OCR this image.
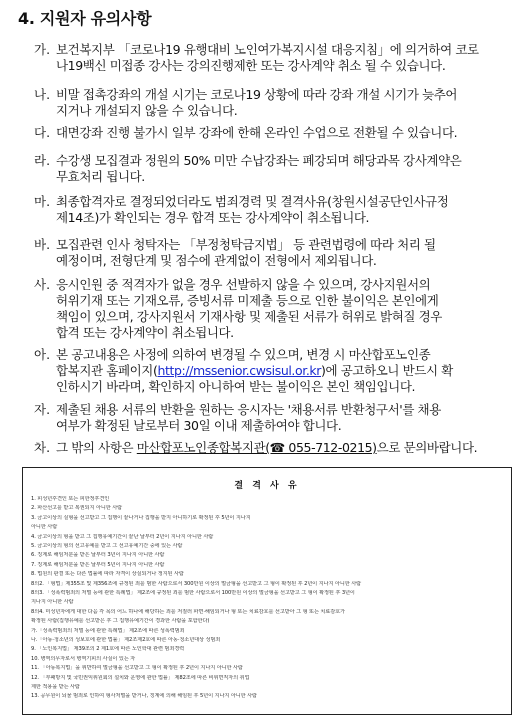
4. 지원자 유의사항
가. 보건복지부 「코로나19 유행대비 노인여가복지시설 대응지침」에 의거하여 코로
나19백신 미접종 강사는 강의진행제한 또는 강사계약 취소 될 수 있습니다.
나. 비말 접촉강좌의 개설 시기는 코로나19 상황에 따라 강좌 개설 시기가 늦추어
지거나 개설되지 않을 수 있습니다.
다. 대면강좌 진행 불가시 일부 강좌에 한해 온라인 수업으로 전환될 수 있습니다.
라. 수강생 모집결과 정원의 50% 미만 수납강좌는 폐강되며 해당과목 강사계약은
무효처리 됩니다.
마. 최종합격자로 결정되었더라도 범죄경력 및 결격사유(창원시설공단인사규정
제14조)가 확인되는 경우 합격 또는 강사계약이 취소됩니다.
바. 모집관련 인사 청탁자는 「부정청탁금지법」 등 관련법령에 따라 처리 될
예정이며, 전형단계 및 점수에 관계없이 전형에서 제외됩니다.
사. 응시인원 중 적격자가 없을 경우 선발하지 않을 수 있으며, 강사지원서의
허위기재 또는 기재오류, 증빙서류 미제출 등으로 인한 불이익은 본인에게
책임이 있으며, 강사지원서 기재사항 및 제출된 서류가 허위로 밝혀질 경우
합격 또는 강사계약이 취소됩니다.
아. 본 공고내용은 사정에 의하여 변경될 수 있으며, 변경 시 마산합포노인종
합복지관 홈페이지(http://mssenior.cwsisul.or.kr)에 공고하오니 반드시 확
인하시기 바라며, 확인하지 아니하여 받는 불이익은 본인 책임입니다.
자. 제출된 채용 서류의 반환을 원하는 응시자는 '채용서류 반환청구서'를 채용
여부가 확정된 날로부터 30일 이내 제출하여야 합니다.
차. 그 밖의 사항은 마산합포노인종합복지관(☎ 055-712-0215)으로 문의바랍니다.
결 격 사 유
1. 피성년후견인 또는 피한정후견인
2. 파산선고를 받고 복권되지 아니한 사람
3. 금고이상의 실형을 선고받고 그 집행이 끝나거나 집행을 받지 아니하기로 확정된 후 5년이 지나지
아니한 사람
4. 금고이상의 형을 받고 그 집행유예기간이 끝난 날부터 2년이 지나지 아니한 사람
5. 금고이상의 형의 선고유예를 받고 그 선고유예기간 중에 있는 사람
6. 징계로 해임처분을 받은 날부터 3년이 지나지 아니한 사람
7. 징계로 해임처분을 받은 날부터 5년이 지나지 아니한 사람
8. 법원의 판결 또는 다른 법률에 따라 자격이 상실되거나 정지된 사람
8의2. 「형법」제355조 및 제356조에 규정된 죄를 범한 사람으로서 300만원 이상의 벌금형을 선고받고 그 형이 확정된 후 2년이 지나지 아니한 사람
8의3. 「성폭력범죄의 처벌 등에 관한 특례법」 제2조에 규정된 죄를 범한 사람으로서 100만원 이상의 벌금형을 선고받고 그 형이 확정된 후 3년이
지나지 아니한 사람
8의4. 미성년자에게 대한 다음 각 목의 어느 하나에 해당하는 죄를 저질러 파면·해임되거나 형 또는 치료감호를 선고받아 그 형 또는 치료감호가
확정된 사람(집행유예를 선고받은 후 그 집행유예기간이 경과한 사람을 포함한다)
가.「성폭력범죄의 처벌 등에 관한 특례법」 제2조에 따른 성폭력범죄
나.「아동·청소년의 성보호에 관한 법률」 제2조제2호에 따른 아동·청소년대상 성범죄
9. 「노인복지법」 제39조의 2 제1호에 따른 노인학대 관련 범죄경력
10. 병역의무자로서 병역기피의 사실이 있는 자
11. 「아동복지법」을 위반하여 벌금형을 선고받고 그 형이 확정된 후 2년이 지나지 아니한 사람
12. 「부패방지 및 국민권익위원회의 설치와 운영에 관한 법률」 제82조에 따른 비위면직자의 취업
제한 적용을 받는 사람
13. 공무원이 뇌물 범죄로 인하여 형사처벌을 받거나, 징계에 의해 해임된 후 5년이 지나지 아니한 사람
